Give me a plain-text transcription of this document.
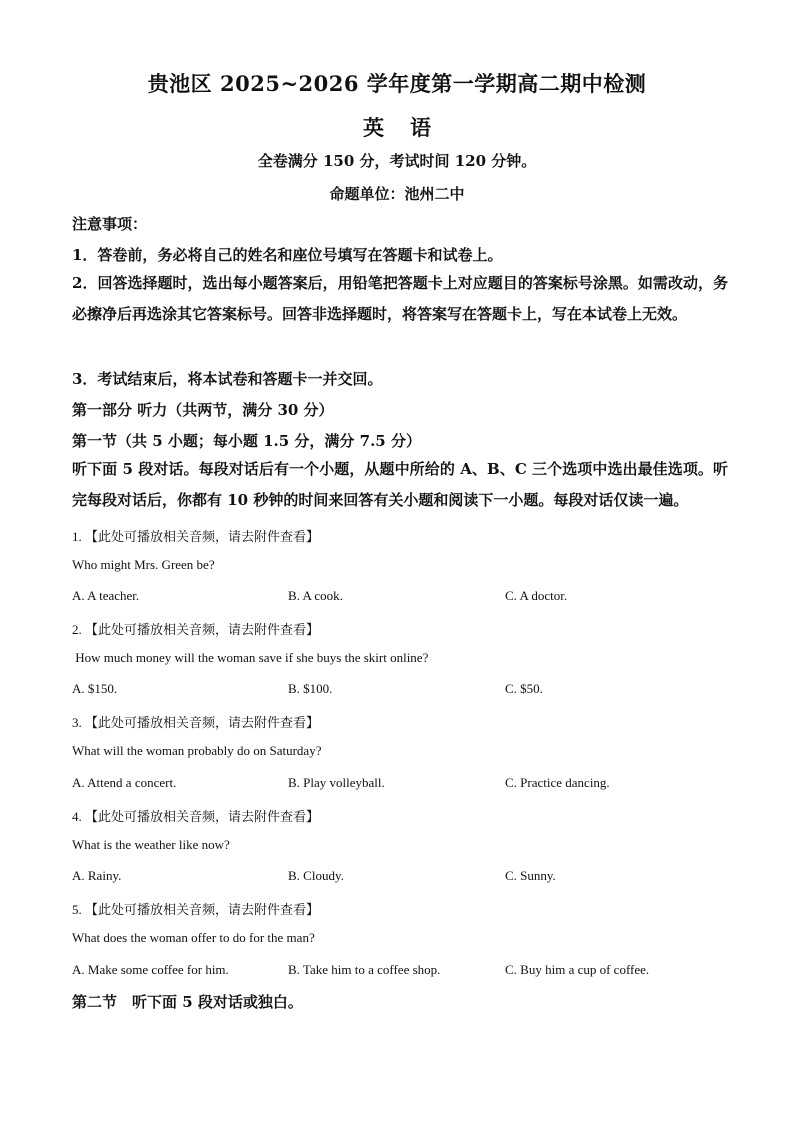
贵池区 2025~2026 学年度第一学期高二期中检测
英语
全卷满分 150 分，考试时间 120 分钟。
命题单位：池州二中
注意事项：
1．答卷前，务必将自己的姓名和座位号填写在答题卡和试卷上。
2．回答选择题时，选出每小题答案后，用铅笔把答题卡上对应题目的答案标号涂黑。如需改动，务必擦净后再选涂其它答案标号。回答非选择题时，将答案写在答题卡上，写在本试卷上无效。
3．考试结束后，将本试卷和答题卡一并交回。
第一部分 听力（共两节，满分 30 分）
第一节（共 5 小题；每小题 1.5 分，满分 7.5 分）
听下面 5 段对话。每段对话后有一个小题，从题中所给的 A、B、C 三个选项中选出最佳选项。听完每段对话后，你都有 10 秒钟的时间来回答有关小题和阅读下一小题。每段对话仅读一遍。
1. 【此处可播放相关音频，请去附件查看】
Who might Mrs. Green be?
A. A teacher.	B. A cook.	C. A doctor.
2. 【此处可播放相关音频，请去附件查看】
How much money will the woman save if she buys the skirt online?
A. $150.	B. $100.	C. $50.
3. 【此处可播放相关音频，请去附件查看】
What will the woman probably do on Saturday?
A. Attend a concert.	B. Play volleyball.	C. Practice dancing.
4. 【此处可播放相关音频，请去附件查看】
What is the weather like now?
A. Rainy.	B. Cloudy.	C. Sunny.
5. 【此处可播放相关音频，请去附件查看】
What does the woman offer to do for the man?
A. Make some coffee for him.	B. Take him to a coffee shop.	C. Buy him a cup of coffee.
第二节　听下面 5 段对话或独白。
